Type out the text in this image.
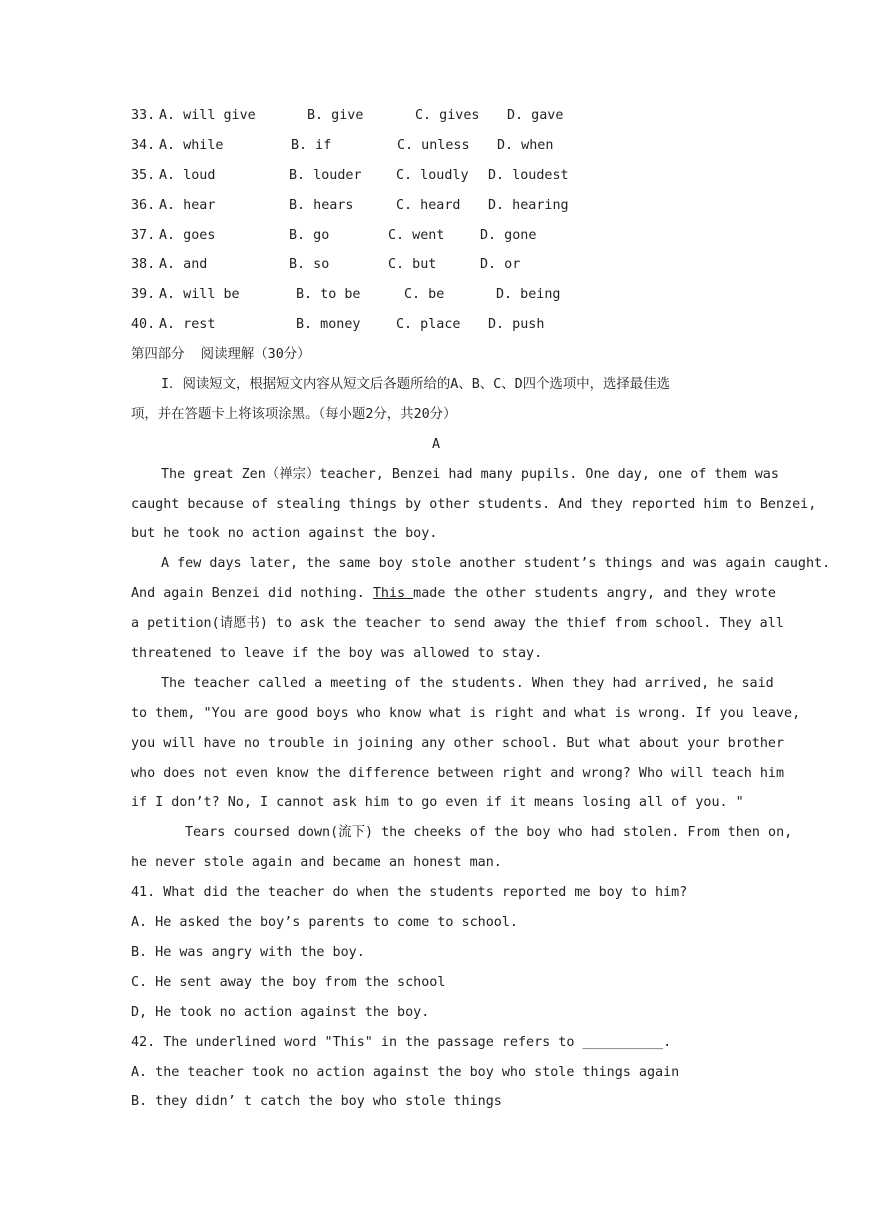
33. A. will give	B. give	C. gives	D. gave
34. A. while	B. if	C. unless	D. when
35. A. loud	B. louder	C. loudly	D. loudest
36. A. hear	B. hears	C. heard	D. hearing
37. A. goes	B. go	C. went	D. gone
38. A. and	B. so	C. but	D. or
39. A. will be	B. to be	C. be	D. being
40. A. rest	B. money	C. place	D. push
第四部分  阅读理解（30分）
I．阅读短文，根据短文内容从短文后各题所给的A、B、C、D四个选项中，选择最佳选
项，并在答题卡上将该项涂黑。（每小题2分，共20分）
A
The great Zen（禅宗）teacher, Benzei had many pupils. One day, one of them was
caught because of stealing things by other students. And they reported him to Benzei,
but he took no action against the boy.
A few days later, the same boy stole another student’s things and was again caught.
And again Benzei did nothing. This made the other students angry, and they wrote
a petition(请愿书) to ask the teacher to send away the thief from school. They all
threatened to leave if the boy was allowed to stay.
The teacher called a meeting of the students. When they had arrived, he said
to them, "You are good boys who know what is right and what is wrong. If you leave,
you will have no trouble in joining any other school. But what about your brother
who does not even know the difference between right and wrong? Who will teach him
if I don’t? No, I cannot ask him to go even if it means losing all of you. "
Tears coursed down(流下) the cheeks of the boy who had stolen. From then on,
he never stole again and became an honest man.
41. What did the teacher do when the students reported me boy to him?
A. He asked the boy’s parents to come to school.
B. He was angry with the boy.
C. He sent away the boy from the school
D, He took no action against the boy.
42. The underlined word "This" in the passage refers to __________.
A. the teacher took no action against the boy who stole things again
B. they didn’ t catch the boy who stole things
